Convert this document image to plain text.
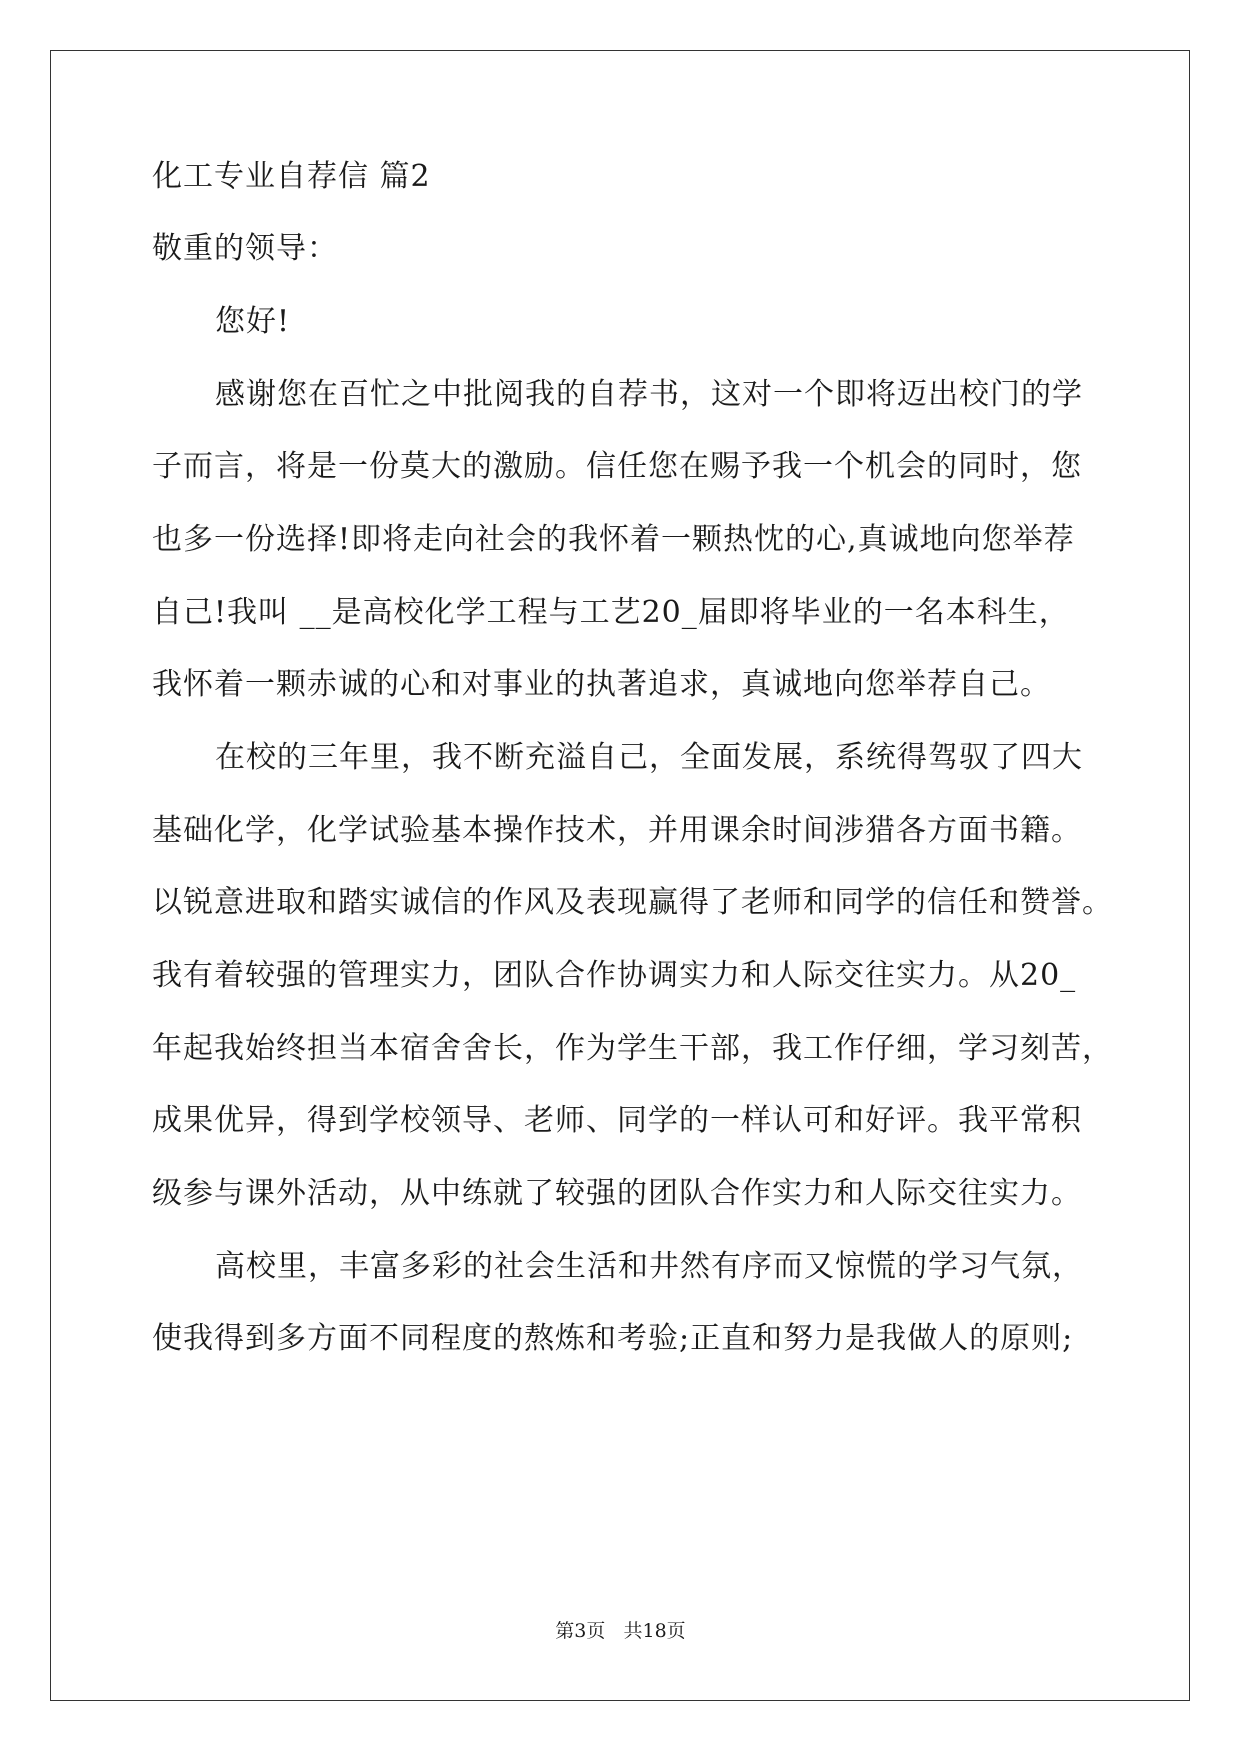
化工专业自荐信 篇2

敬重的领导：

您好!

感谢您在百忙之中批阅我的自荐书，这对一个即将迈出校门的学

子而言，将是一份莫大的激励。信任您在赐予我一个机会的同时，您

也多一份选择!即将走向社会的我怀着一颗热忱的心,真诚地向您举荐

自己!我叫 __是高校化学工程与工艺20_届即将毕业的一名本科生，

我怀着一颗赤诚的心和对事业的执著追求，真诚地向您举荐自己。

在校的三年里，我不断充溢自己，全面发展，系统得驾驭了四大

基础化学，化学试验基本操作技术，并用课余时间涉猎各方面书籍。

以锐意进取和踏实诚信的作风及表现赢得了老师和同学的信任和赞誉。

我有着较强的管理实力，团队合作协调实力和人际交往实力。从20_

年起我始终担当本宿舍舍长，作为学生干部，我工作仔细，学习刻苦，

成果优异，得到学校领导、老师、同学的一样认可和好评。我平常积

级参与课外活动，从中练就了较强的团队合作实力和人际交往实力。

高校里，丰富多彩的社会生活和井然有序而又惊慌的学习气氛，

使我得到多方面不同程度的熬炼和考验;正直和努力是我做人的原则;

第3页   共18页
